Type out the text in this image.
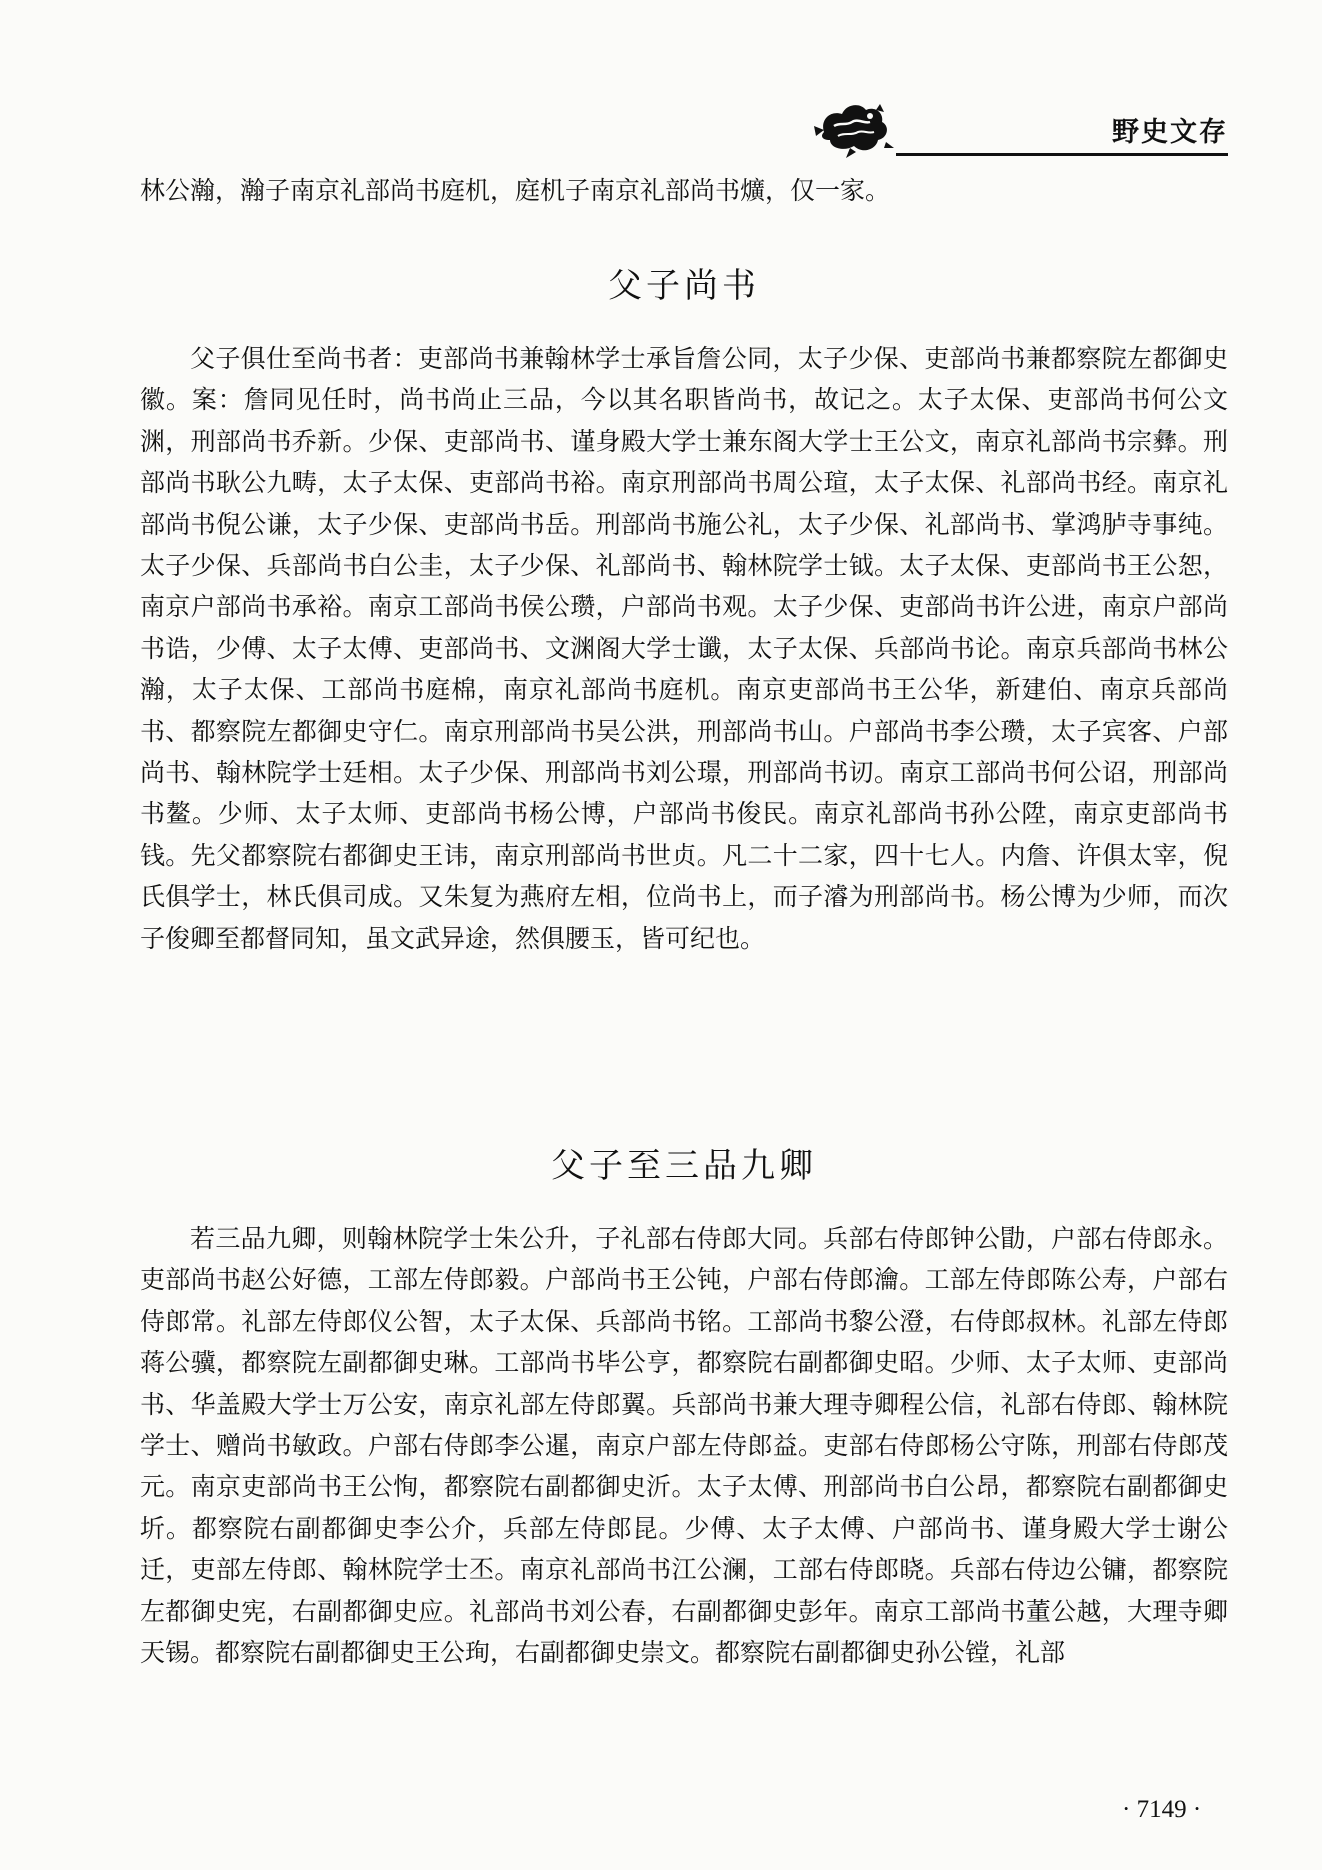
野史文存

林公瀚，瀚子南京礼部尚书庭机，庭机子南京礼部尚书爌，仅一家。

父子尚书

父子俱仕至尚书者：吏部尚书兼翰林学士承旨詹公同，太子少保、吏部尚书兼都察院左都御史徽。案：詹同见任时，尚书尚止三品，今以其名职皆尚书，故记之。太子太保、吏部尚书何公文渊，刑部尚书乔新。少保、吏部尚书、谨身殿大学士兼东阁大学士王公文，南京礼部尚书宗彝。刑部尚书耿公九畴，太子太保、吏部尚书裕。南京刑部尚书周公瑄，太子太保、礼部尚书经。南京礼部尚书倪公谦，太子少保、吏部尚书岳。刑部尚书施公礼，太子少保、礼部尚书、掌鸿胪寺事纯。太子少保、兵部尚书白公圭，太子少保、礼部尚书、翰林院学士钺。太子太保、吏部尚书王公恕，南京户部尚书承裕。南京工部尚书侯公瓒，户部尚书观。太子少保、吏部尚书许公进，南京户部尚书诰，少傅、太子太傅、吏部尚书、文渊阁大学士谶，太子太保、兵部尚书论。南京兵部尚书林公瀚，太子太保、工部尚书庭棉，南京礼部尚书庭机。南京吏部尚书王公华，新建伯、南京兵部尚书、都察院左都御史守仁。南京刑部尚书吴公洪，刑部尚书山。户部尚书李公瓒，太子宾客、户部尚书、翰林院学士廷相。太子少保、刑部尚书刘公璟，刑部尚书讱。南京工部尚书何公诏，刑部尚书鳌。少师、太子太师、吏部尚书杨公博，户部尚书俊民。南京礼部尚书孙公陞，南京吏部尚书钱。先父都察院右都御史王讳，南京刑部尚书世贞。凡二十二家，四十七人。内詹、许俱太宰，倪氏俱学士，林氏俱司成。又朱复为燕府左相，位尚书上，而子濬为刑部尚书。杨公博为少师，而次子俊卿至都督同知，虽文武异途，然俱腰玉，皆可纪也。

父子至三品九卿

若三品九卿，则翰林院学士朱公升，子礼部右侍郎大同。兵部右侍郎钟公勖，户部右侍郎永。吏部尚书赵公好德，工部左侍郎毅。户部尚书王公钝，户部右侍郎瀹。工部左侍郎陈公寿，户部右侍郎常。礼部左侍郎仪公智，太子太保、兵部尚书铭。工部尚书黎公澄，右侍郎叔林。礼部左侍郎蒋公骥，都察院左副都御史琳。工部尚书毕公亨，都察院右副都御史昭。少师、太子太师、吏部尚书、华盖殿大学士万公安，南京礼部左侍郎翼。兵部尚书兼大理寺卿程公信，礼部右侍郎、翰林院学士、赠尚书敏政。户部右侍郎李公暹，南京户部左侍郎益。吏部右侍郎杨公守陈，刑部右侍郎茂元。南京吏部尚书王公恂，都察院右副都御史沂。太子太傅、刑部尚书白公昂，都察院右副都御史圻。都察院右副都御史李公介，兵部左侍郎昆。少傅、太子太傅、户部尚书、谨身殿大学士谢公迁，吏部左侍郎、翰林院学士丕。南京礼部尚书江公澜，工部右侍郎晓。兵部右侍边公镛，都察院左都御史宪，右副都御史应。礼部尚书刘公春，右副都御史彭年。南京工部尚书董公越，大理寺卿天锡。都察院右副都御史王公珣，右副都御史崇文。都察院右副都御史孙公镗，礼部

· 7149 ·
